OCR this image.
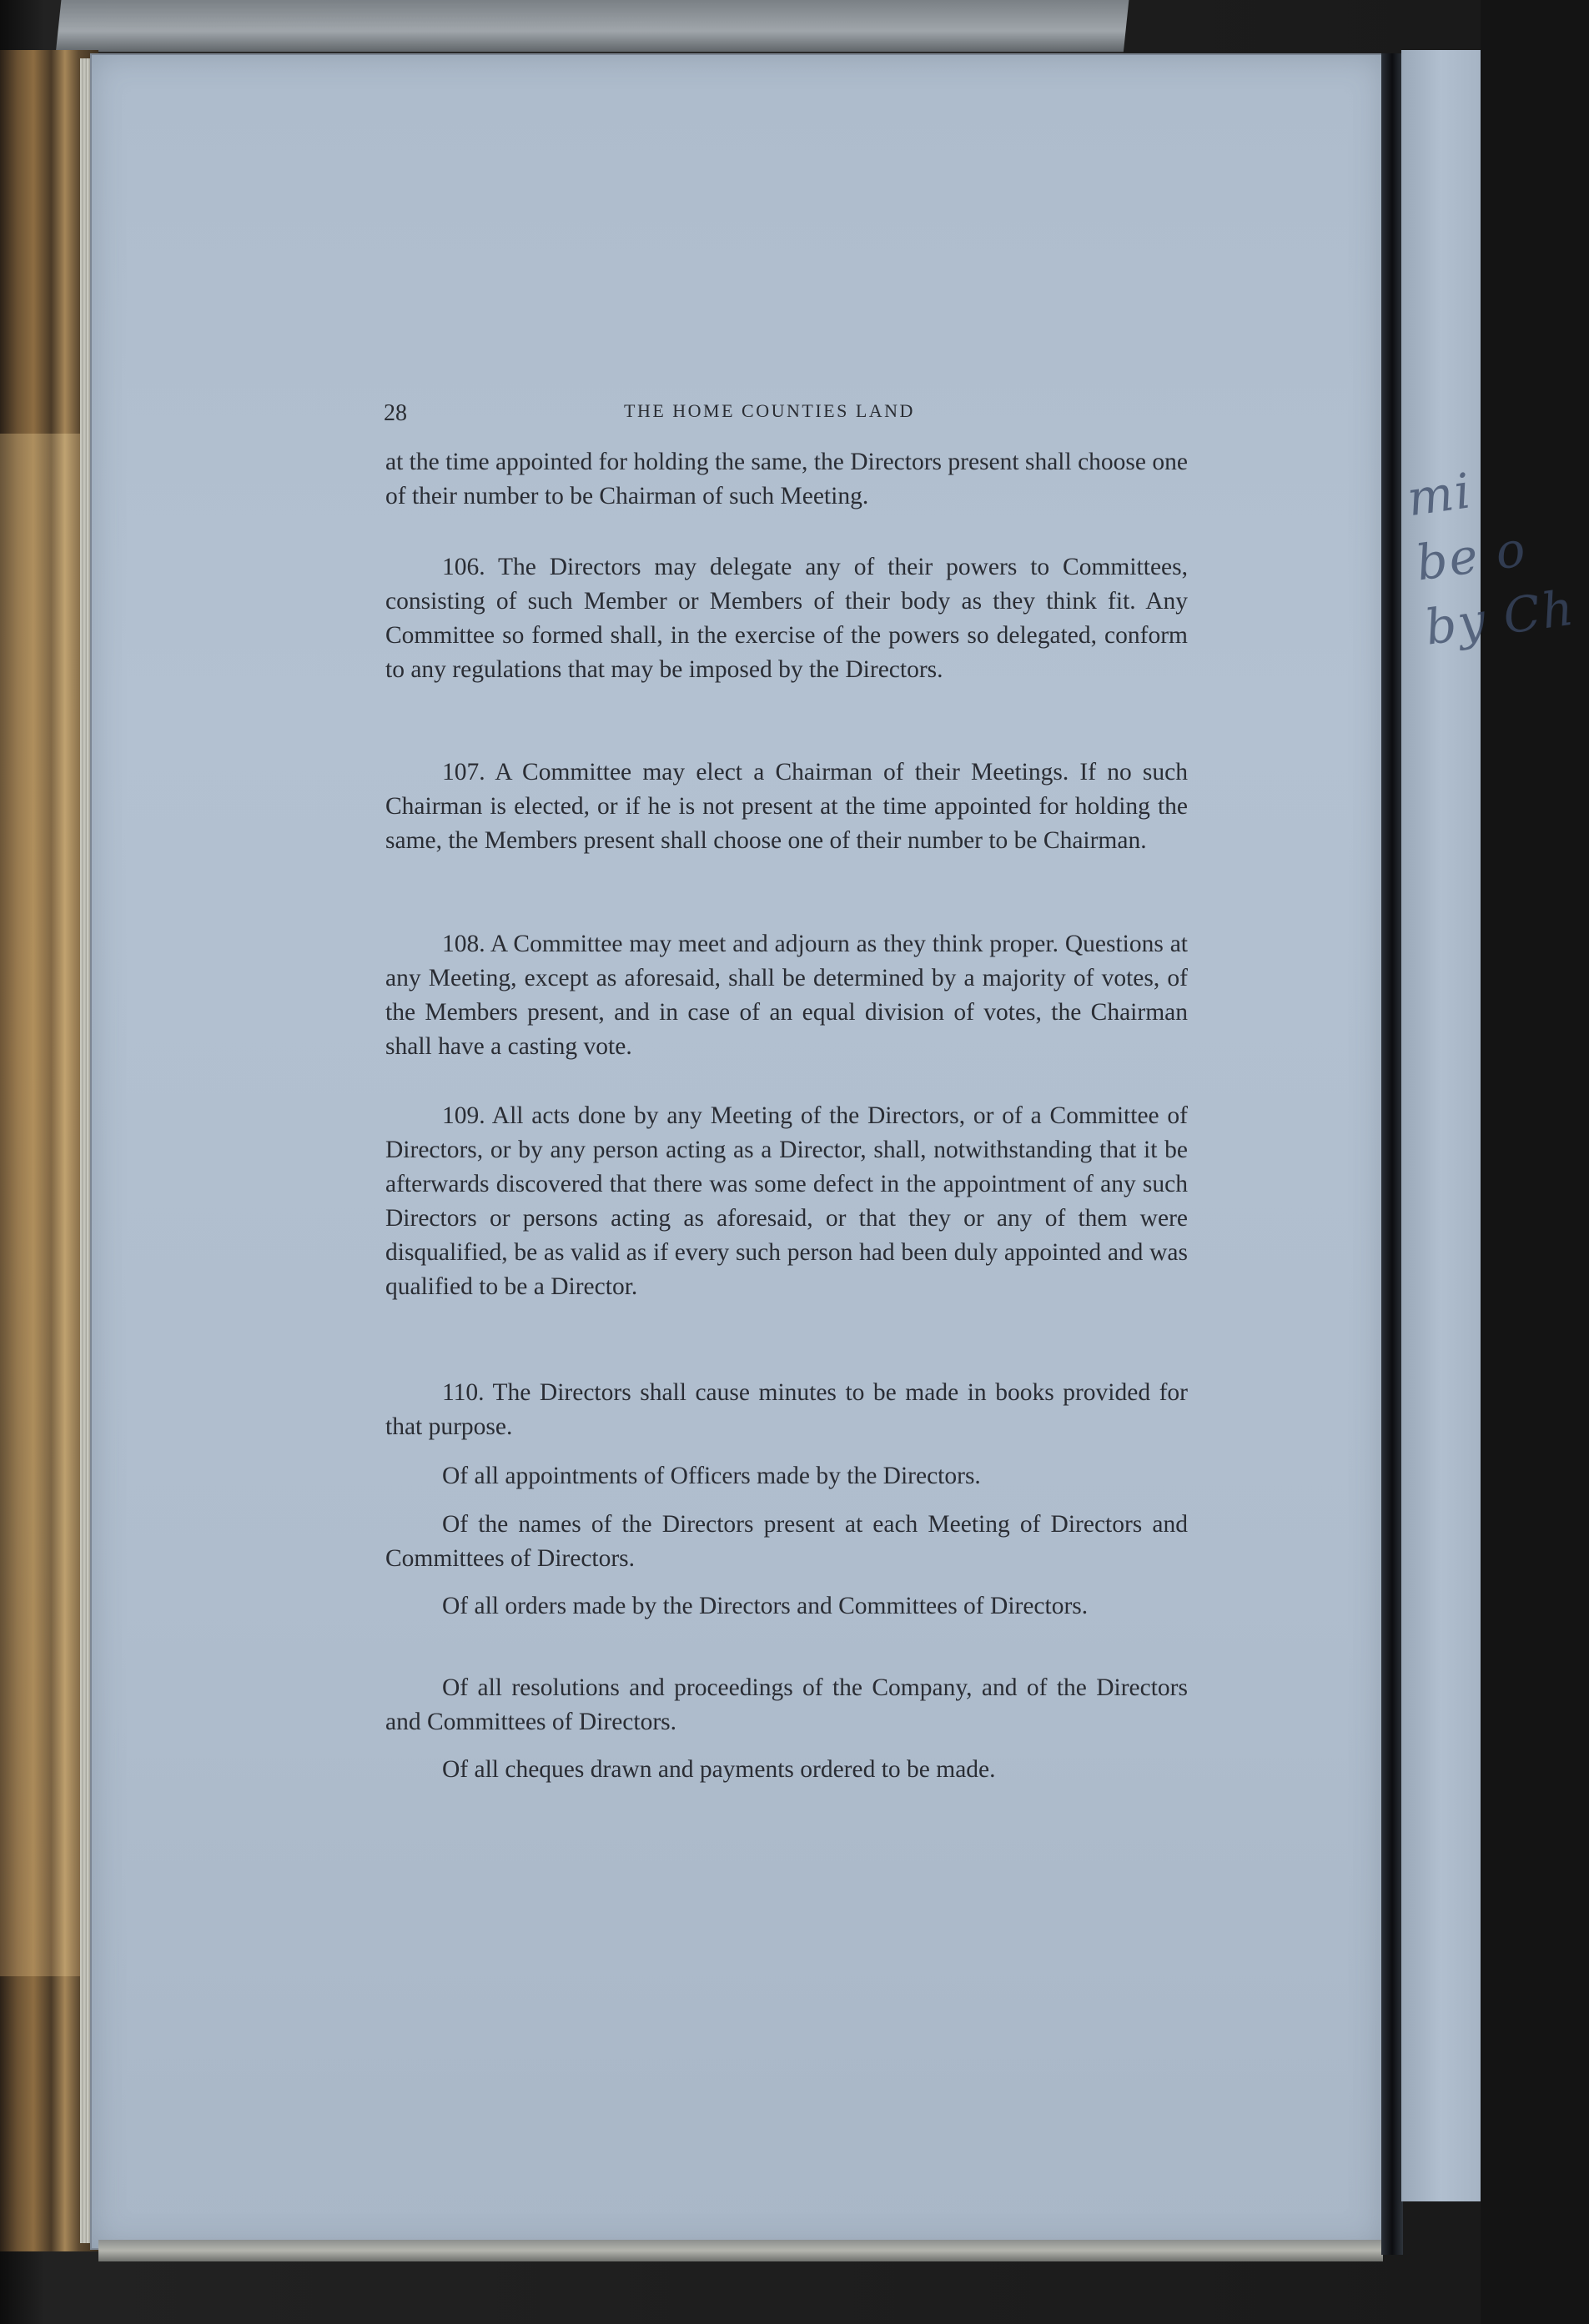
mi
be o
by Ch
28	THE HOME COUNTIES LAND

at the time appointed for holding the same, the Directors present shall choose one of their number to be Chairman of such Meeting.

106. The Directors may delegate any of their powers to Committees, consisting of such Member or Members of their body as they think fit. Any Committee so formed shall, in the exercise of the powers so delegated, conform to any regulations that may be imposed by the Directors.

107. A Committee may elect a Chairman of their Meetings. If no such Chairman is elected, or if he is not present at the time appointed for holding the same, the Members present shall choose one of their number to be Chairman.

108. A Committee may meet and adjourn as they think proper. Questions at any Meeting, except as aforesaid, shall be determined by a majority of votes, of the Members present, and in case of an equal division of votes, the Chairman shall have a casting vote.

109. All acts done by any Meeting of the Directors, or of a Committee of Directors, or by any person acting as a Director, shall, notwithstanding that it be afterwards discovered that there was some defect in the appointment of any such Directors or persons acting as aforesaid, or that they or any of them were disqualified, be as valid as if every such person had been duly appointed and was qualified to be a Director.

110. The Directors shall cause minutes to be made in books provided for that purpose.

Of all appointments of Officers made by the Directors.

Of the names of the Directors present at each Meeting of Directors and Committees of Directors.

Of all orders made by the Directors and Committees of Directors.

Of all resolutions and proceedings of the Company, and of the Directors and Committees of Directors.

Of all cheques drawn and payments ordered to be made.
